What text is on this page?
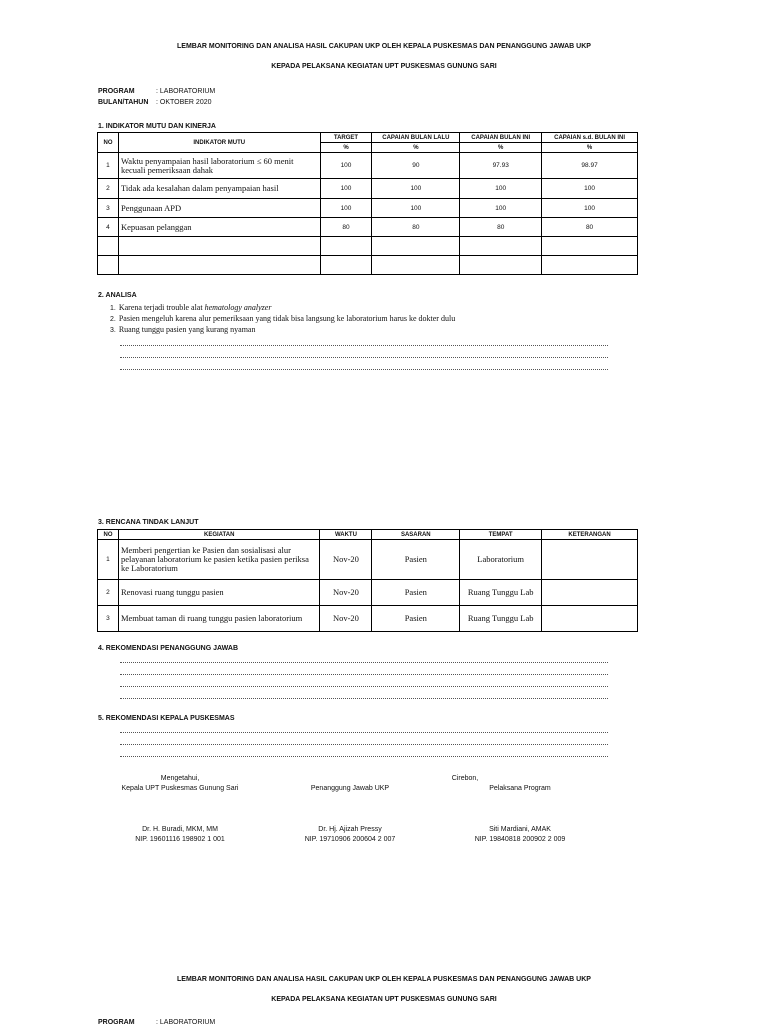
LEMBAR MONITORING DAN ANALISA HASIL CAKUPAN UKP OLEH KEPALA PUSKESMAS DAN PENANGGUNG JAWAB UKP
KEPADA PELAKSANA KEGIATAN UPT PUSKESMAS GUNUNG SARI
PROGRAM	: LABORATORIUM
BULAN/TAHUN : OKTOBER 2020
1. INDIKATOR MUTU DAN KINERJA
NO	INDIKATOR MUTU	TARGET	CAPAIAN BULAN LALU	CAPAIAN BULAN INI	CAPAIAN s.d. BULAN INI
		%	%	%	%
1	Waktu penyampaian hasil laboratorium ≤ 60 menit kecuali pemeriksaan dahak	100	90	97.93	98.97
2	Tidak ada kesalahan dalam penyampaian hasil	100	100	100	100
3	Penggunaan APD	100	100	100	100
4	Kepuasan pelanggan	80	80	80	80

2. ANALISA
1. Karena terjadi trouble alat hematology analyzer
2. Pasien mengeluh karena alur pemeriksaan yang tidak bisa langsung ke laboratorium harus ke dokter dulu
3. Ruang tunggu pasien yang kurang nyaman
3. RENCANA TINDAK LANJUT
NO	KEGIATAN	WAKTU	SASARAN	TEMPAT	KETERANGAN
1	Memberi pengertian ke Pasien dan sosialisasi alur pelayanan laboratorium ke pasien ketika pasien periksa ke Laboratorium	Nov-20	Pasien	Laboratorium	
2	Renovasi ruang tunggu pasien	Nov-20	Pasien	Ruang Tunggu Lab	
3	Membuat taman di ruang tunggu pasien laboratorium	Nov-20	Pasien	Ruang Tunggu Lab	
4. REKOMENDASI PENANGGUNG JAWAB
5. REKOMENDASI KEPALA PUSKESMAS
Mengetahui,
Kepala UPT Puskesmas Gunung Sari	Penanggung Jawab UKP
Cirebon,
Pelaksana Program
Dr. H. Buradi, MKM, MM
NIP. 19601116 198902 1 001
Dr. Hj. Ajizah Pressy
NIP. 19710906 200604 2 007
Siti Mardiani, AMAK
NIP. 19840818 200902 2 009
LEMBAR MONITORING DAN ANALISA HASIL CAKUPAN UKP OLEH KEPALA PUSKESMAS DAN PENANGGUNG JAWAB UKP
KEPADA PELAKSANA KEGIATAN UPT PUSKESMAS GUNUNG SARI
PROGRAM	: LABORATORIUM
